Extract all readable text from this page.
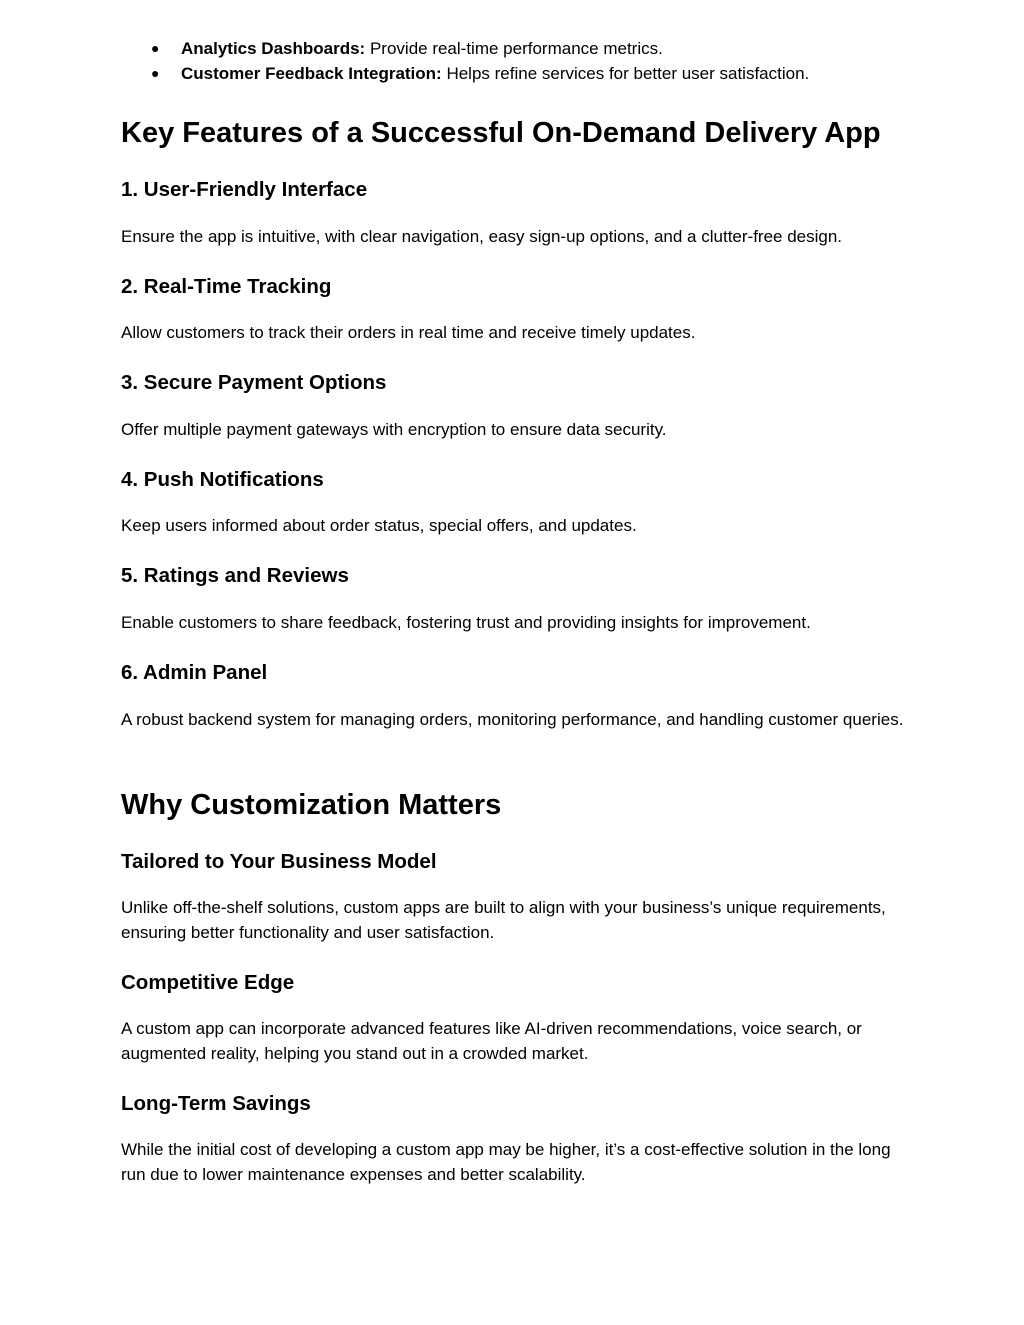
● Analytics Dashboards: Provide real-time performance metrics.
● Customer Feedback Integration: Helps refine services for better user satisfaction.
Key Features of a Successful On-Demand Delivery App
1. User-Friendly Interface

Ensure the app is intuitive, with clear navigation, easy sign-up options, and a clutter-free design.

2. Real-Time Tracking

Allow customers to track their orders in real time and receive timely updates.

3. Secure Payment Options

Offer multiple payment gateways with encryption to ensure data security.

4. Push Notifications

Keep users informed about order status, special offers, and updates.

5. Ratings and Reviews

Enable customers to share feedback, fostering trust and providing insights for improvement.

6. Admin Panel

A robust backend system for managing orders, monitoring performance, and handling customer queries.

Why Customization Matters
Tailored to Your Business Model

Unlike off-the-shelf solutions, custom apps are built to align with your business’s unique requirements, ensuring better functionality and user satisfaction.

Competitive Edge

A custom app can incorporate advanced features like AI-driven recommendations, voice search, or augmented reality, helping you stand out in a crowded market.

Long-Term Savings

While the initial cost of developing a custom app may be higher, it’s a cost-effective solution in the long run due to lower maintenance expenses and better scalability.
